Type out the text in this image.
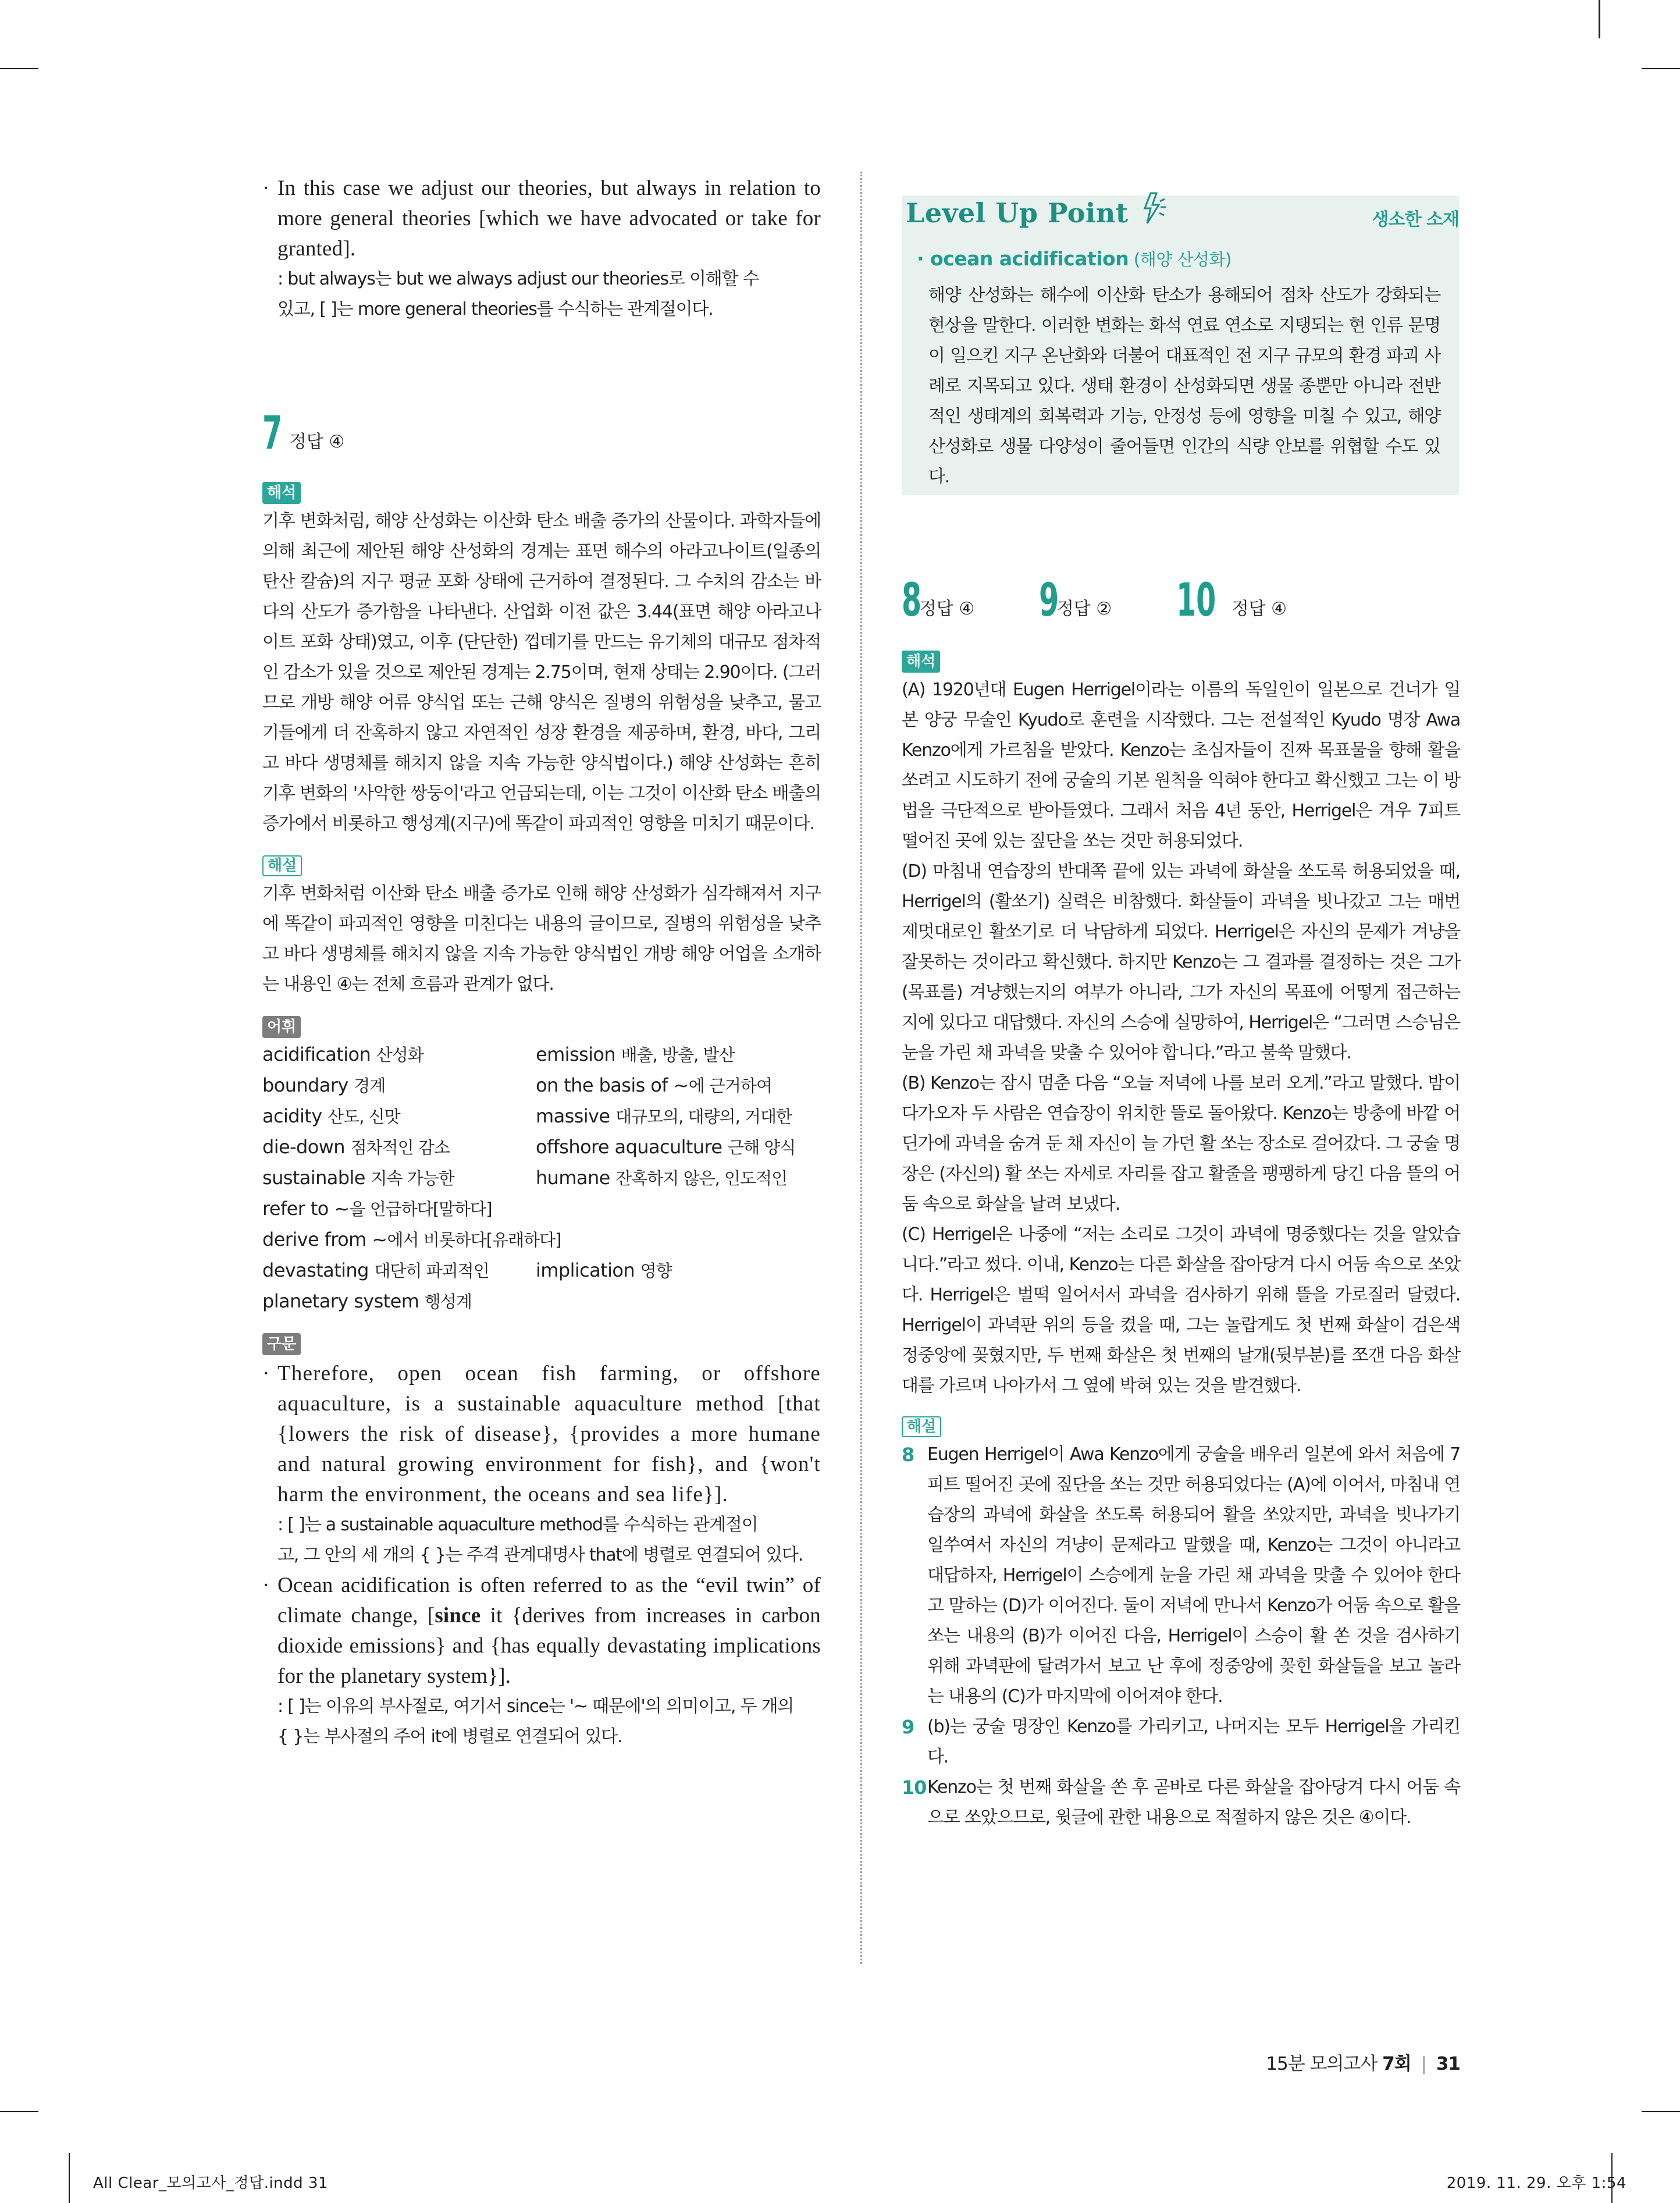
· In this case we adjust our theories, but always in relation to more general theories [which we have advocated or take for granted].
: but always는 but we always adjust our theories로 이해할 수
있고, [ ]는 more general theories를 수식하는 관계절이다.
7 정답 ④
해석
기후 변화처럼, 해양 산성화는 이산화 탄소 배출 증가의 산물이다. 과학자들에 의해 최근에 제안된 해양 산성화의 경계는 표면 해수의 아라고나이트(일종의 탄산 칼슘)의 지구 평균 포화 상태에 근거하여 결정된다. 그 수치의 감소는 바다의 산도가 증가함을 나타낸다. 산업화 이전 값은 3.44(표면 해양 아라고나이트 포화 상태)였고, 이후 (단단한) 껍데기를 만드는 유기체의 대규모 점차적인 감소가 있을 것으로 제안된 경계는 2.75이며, 현재 상태는 2.90이다. (그러므로 개방 해양 어류 양식업 또는 근해 양식은 질병의 위험성을 낮추고, 물고기들에게 더 잔혹하지 않고 자연적인 성장 환경을 제공하며, 환경, 바다, 그리고 바다 생명체를 해치지 않을 지속 가능한 양식법이다.) 해양 산성화는 흔히 기후 변화의 '사악한 쌍둥이'라고 언급되는데, 이는 그것이 이산화 탄소 배출의 증가에서 비롯하고 행성계(지구)에 똑같이 파괴적인 영향을 미치기 때문이다.
해설
기후 변화처럼 이산화 탄소 배출 증가로 인해 해양 산성화가 심각해져서 지구에 똑같이 파괴적인 영향을 미친다는 내용의 글이므로, 질병의 위험성을 낮추고 바다 생명체를 해치지 않을 지속 가능한 양식법인 개방 해양 어업을 소개하는 내용인 ④는 전체 흐름과 관계가 없다.
어휘
acidification 산성화	emission 배출, 방출, 발산
boundary 경계	on the basis of ~에 근거하여
acidity 산도, 신맛	massive 대규모의, 대량의, 거대한
die-down 점차적인 감소	offshore aquaculture 근해 양식
sustainable 지속 가능한	humane 잔혹하지 않은, 인도적인
refer to ~을 언급하다[말하다]
derive from ~에서 비롯하다[유래하다]
devastating 대단히 파괴적인	implication 영향
planetary system 행성계
구문
· Therefore, open ocean fish farming, or offshore aquaculture, is a sustainable aquaculture method [that {lowers the risk of disease}, {provides a more humane and natural growing environment for fish}, and {won't harm the environment, the oceans and sea life}].
: [ ]는 a sustainable aquaculture method를 수식하는 관계절이
고, 그 안의 세 개의 { }는 주격 관계대명사 that에 병렬로 연결되어 있다.
· Ocean acidification is often referred to as the “evil twin” of climate change, [since it {derives from increases in carbon dioxide emissions} and {has equally devastating implications for the planetary system}].
: [ ]는 이유의 부사절로, 여기서 since는 '~ 때문에'의 의미이고, 두 개의
{ }는 부사절의 주어 it에 병렬로 연결되어 있다.
Level Up Point	생소한 소재
· ocean acidification (해양 산성화)
해양 산성화는 해수에 이산화 탄소가 용해되어 점차 산도가 강화되는 현상을 말한다. 이러한 변화는 화석 연료 연소로 지탱되는 현 인류 문명이 일으킨 지구 온난화와 더불어 대표적인 전 지구 규모의 환경 파괴 사례로 지목되고 있다. 생태 환경이 산성화되면 생물 종뿐만 아니라 전반적인 생태계의 회복력과 기능, 안정성 등에 영향을 미칠 수 있고, 해양 산성화로 생물 다양성이 줄어들면 인간의 식량 안보를 위협할 수도 있다.
8
정답 ④ 9
정답 ② 10 정답 ④
해석
(A) 1920년대 Eugen Herrigel이라는 이름의 독일인이 일본으로 건너가 일본 양궁 무술인 Kyudo로 훈련을 시작했다. 그는 전설적인 Kyudo 명장 Awa Kenzo에게 가르침을 받았다. Kenzo는 초심자들이 진짜 목표물을 향해 활을 쏘려고 시도하기 전에 궁술의 기본 원칙을 익혀야 한다고 확신했고 그는 이 방법을 극단적으로 받아들였다. 그래서 처음 4년 동안, Herrigel은 겨우 7피트 떨어진 곳에 있는 짚단을 쏘는 것만 허용되었다.
(D) 마침내 연습장의 반대쪽 끝에 있는 과녁에 화살을 쏘도록 허용되었을 때, Herrigel의 (활쏘기) 실력은 비참했다. 화살들이 과녁을 빗나갔고 그는 매번 제멋대로인 활쏘기로 더 낙담하게 되었다. Herrigel은 자신의 문제가 겨냥을 잘못하는 것이라고 확신했다. 하지만 Kenzo는 그 결과를 결정하는 것은 그가 (목표를) 겨냥했는지의 여부가 아니라, 그가 자신의 목표에 어떻게 접근하는 지에 있다고 대답했다. 자신의 스승에 실망하여, Herrigel은 “그러면 스승님은 눈을 가린 채 과녁을 맞출 수 있어야 합니다.”라고 불쑥 말했다.
(B) Kenzo는 잠시 멈춘 다음 “오늘 저녁에 나를 보러 오게.”라고 말했다. 밤이 다가오자 두 사람은 연습장이 위치한 뜰로 돌아왔다. Kenzo는 방충에 바깥 어딘가에 과녁을 숨겨 둔 채 자신이 늘 가던 활 쏘는 장소로 걸어갔다. 그 궁술 명장은 (자신의) 활 쏘는 자세로 자리를 잡고 활줄을 팽팽하게 당긴 다음 뜰의 어둠 속으로 화살을 날려 보냈다.
(C) Herrigel은 나중에 “저는 소리로 그것이 과녁에 명중했다는 것을 알았습니다.”라고 썼다. 이내, Kenzo는 다른 화살을 잡아당겨 다시 어둠 속으로 쏘았다. Herrigel은 벌떡 일어서서 과녁을 검사하기 위해 뜰을 가로질러 달렸다. Herrigel이 과녁판 위의 등을 켰을 때, 그는 놀랍게도 첫 번째 화살이 검은색 정중앙에 꽂혔지만, 두 번째 화살은 첫 번째의 날개(뒷부분)를 쪼갠 다음 화살대를 가르며 나아가서 그 옆에 박혀 있는 것을 발견했다.
해설
8 Eugen Herrigel이 Awa Kenzo에게 궁술을 배우러 일본에 와서 처음에 7피트 떨어진 곳에 짚단을 쏘는 것만 허용되었다는 (A)에 이어서, 마침내 연습장의 과녁에 화살을 쏘도록 허용되어 활을 쏘았지만, 과녁을 빗나가기 일쑤여서 자신의 겨냥이 문제라고 말했을 때, Kenzo는 그것이 아니라고 대답하자, Herrigel이 스승에게 눈을 가린 채 과녁을 맞출 수 있어야 한다고 말하는 (D)가 이어진다. 둘이 저녁에 만나서 Kenzo가 어둠 속으로 활을 쏘는 내용의 (B)가 이어진 다음, Herrigel이 스승이 활 쏜 것을 검사하기 위해 과녁판에 달려가서 보고 난 후에 정중앙에 꽂힌 화살들을 보고 놀라는 내용의 (C)가 마지막에 이어져야 한다.
9 (b)는 궁술 명장인 Kenzo를 가리키고, 나머지는 모두 Herrigel을 가리킨다.
10 Kenzo는 첫 번째 화살을 쏜 후 곧바로 다른 화살을 잡아당겨 다시 어둠 속으로 쏘았으므로, 윗글에 관한 내용으로 적절하지 않은 것은 ④이다.
15분 모의고사 7회 | 31
All Clear_모의고사_정답.indd 31	2019. 11. 29. 오후 1:54
